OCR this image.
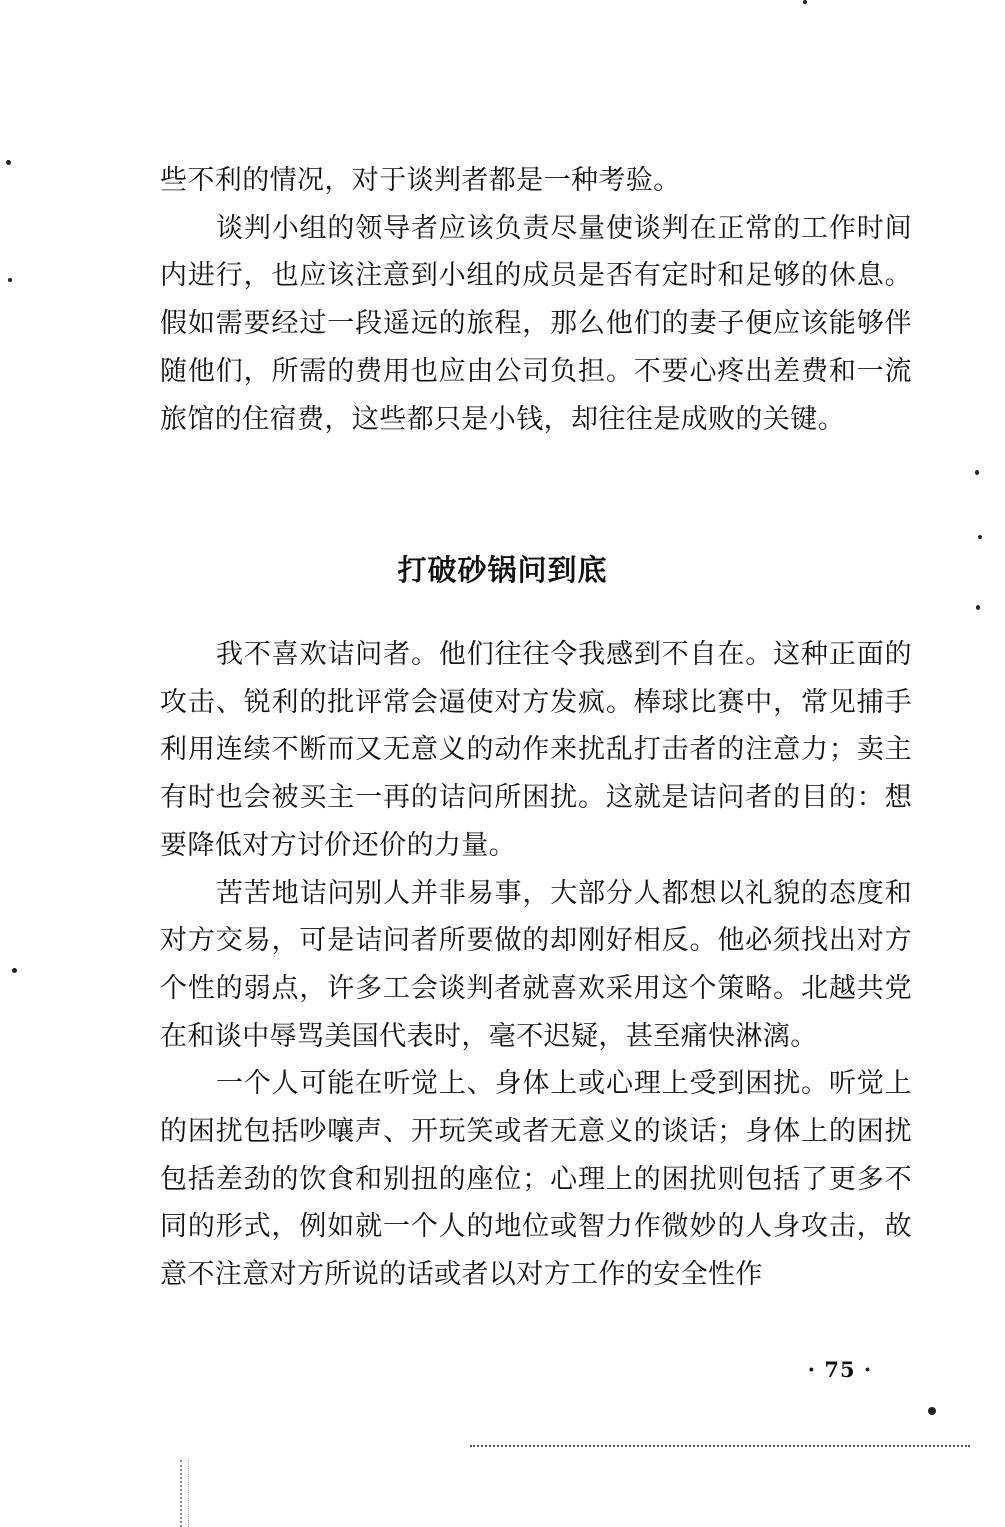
些不利的情况，对于谈判者都是一种考验。

谈判小组的领导者应该负责尽量使谈判在正常的工作时间内进行，也应该注意到小组的成员是否有定时和足够的休息。假如需要经过一段遥远的旅程，那么他们的妻子便应该能够伴随他们，所需的费用也应由公司负担。不要心疼出差费和一流旅馆的住宿费，这些都只是小钱，却往往是成败的关键。

打破砂锅问到底

我不喜欢诘问者。他们往往令我感到不自在。这种正面的攻击、锐利的批评常会逼使对方发疯。棒球比赛中，常见捕手利用连续不断而又无意义的动作来扰乱打击者的注意力；卖主有时也会被买主一再的诘问所困扰。这就是诘问者的目的：想要降低对方讨价还价的力量。

苦苦地诘问别人并非易事，大部分人都想以礼貌的态度和对方交易，可是诘问者所要做的却刚好相反。他必须找出对方个性的弱点，许多工会谈判者就喜欢采用这个策略。北越共党在和谈中辱骂美国代表时，毫不迟疑，甚至痛快淋漓。

一个人可能在听觉上、身体上或心理上受到困扰。听觉上的困扰包括吵嚷声、开玩笑或者无意义的谈话；身体上的困扰包括差劲的饮食和别扭的座位；心理上的困扰则包括了更多不同的形式，例如就一个人的地位或智力作微妙的人身攻击，故意不注意对方所说的话或者以对方工作的安全性作

· 75 ·
